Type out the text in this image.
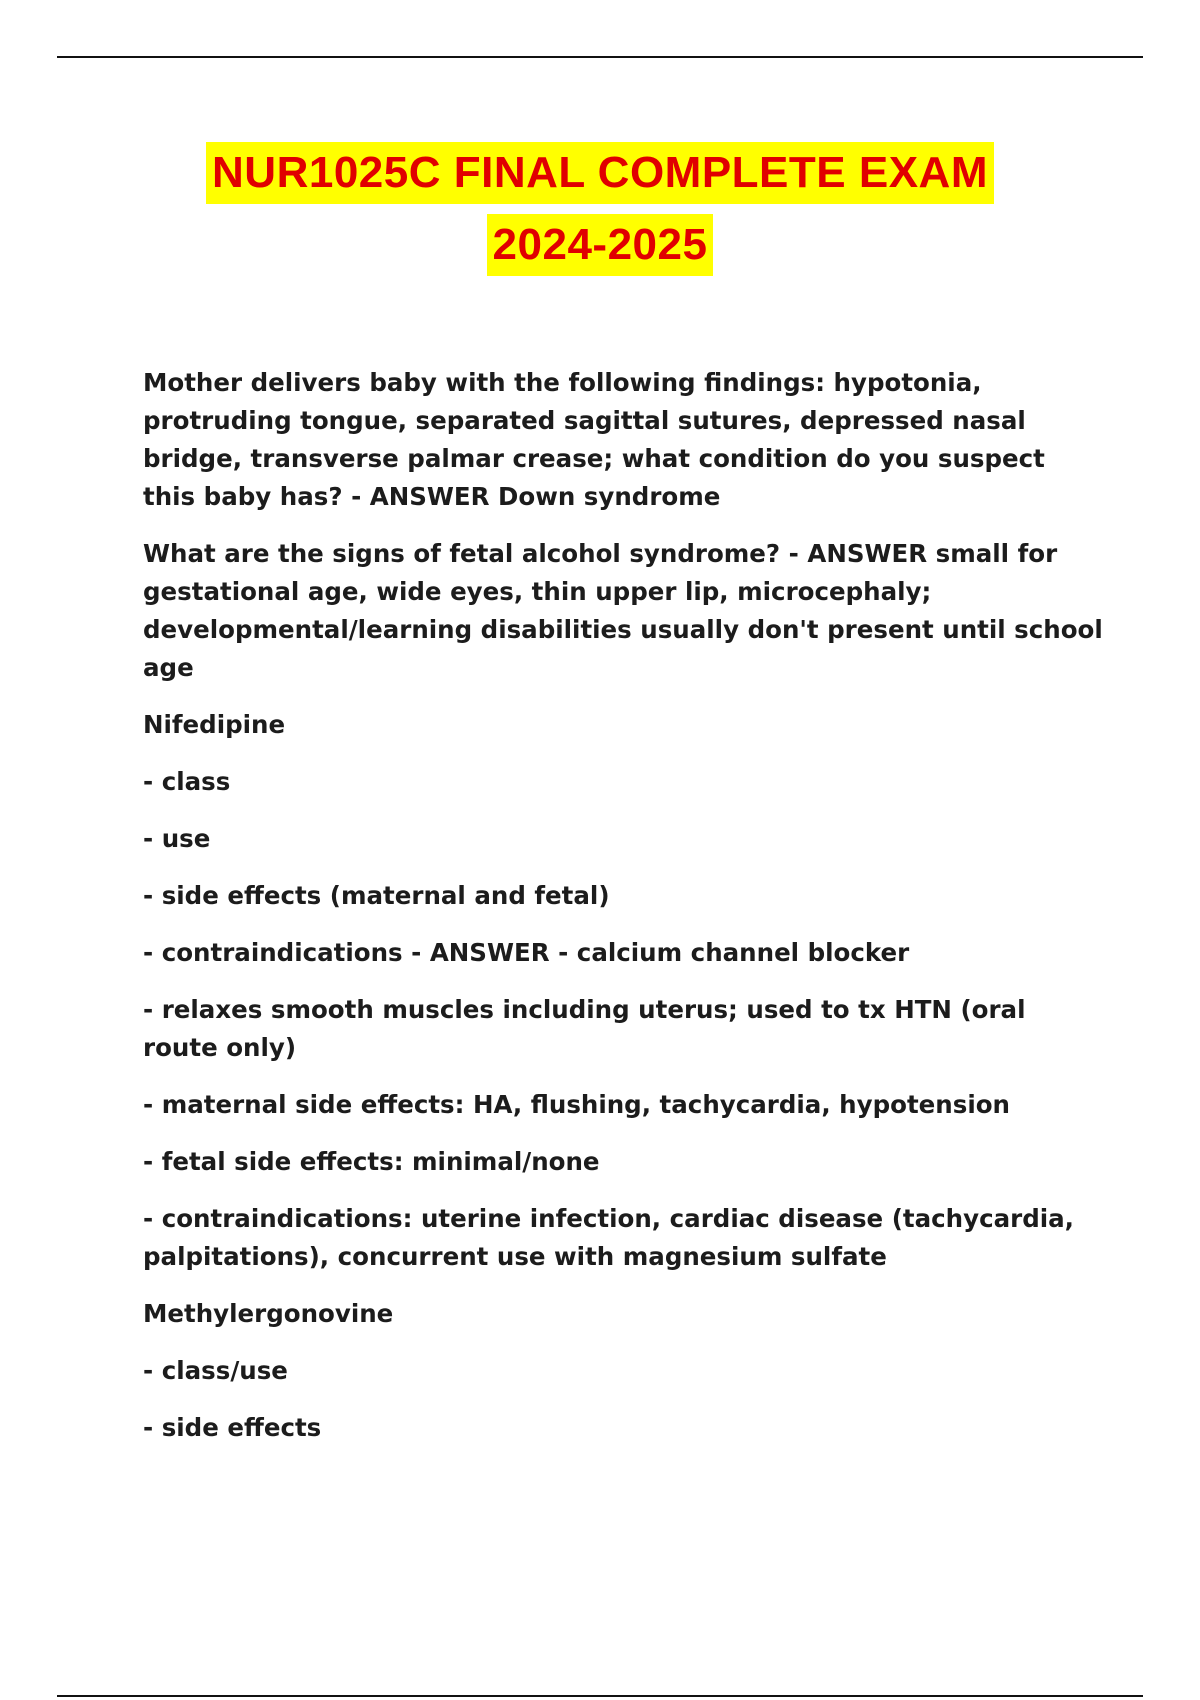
NUR1025C FINAL COMPLETE EXAM
2024-2025

Mother delivers baby with the following findings: hypotonia, protruding tongue, separated sagittal sutures, depressed nasal bridge, transverse palmar crease; what condition do you suspect this baby has? - ANSWER Down syndrome

What are the signs of fetal alcohol syndrome? - ANSWER small for gestational age, wide eyes, thin upper lip, microcephaly; developmental/learning disabilities usually don't present until school age

Nifedipine

- class

- use

- side effects (maternal and fetal)

- contraindications - ANSWER - calcium channel blocker

- relaxes smooth muscles including uterus; used to tx HTN (oral route only)

- maternal side effects: HA, flushing, tachycardia, hypotension

- fetal side effects: minimal/none

- contraindications: uterine infection, cardiac disease (tachycardia, palpitations), concurrent use with magnesium sulfate

Methylergonovine

- class/use

- side effects
